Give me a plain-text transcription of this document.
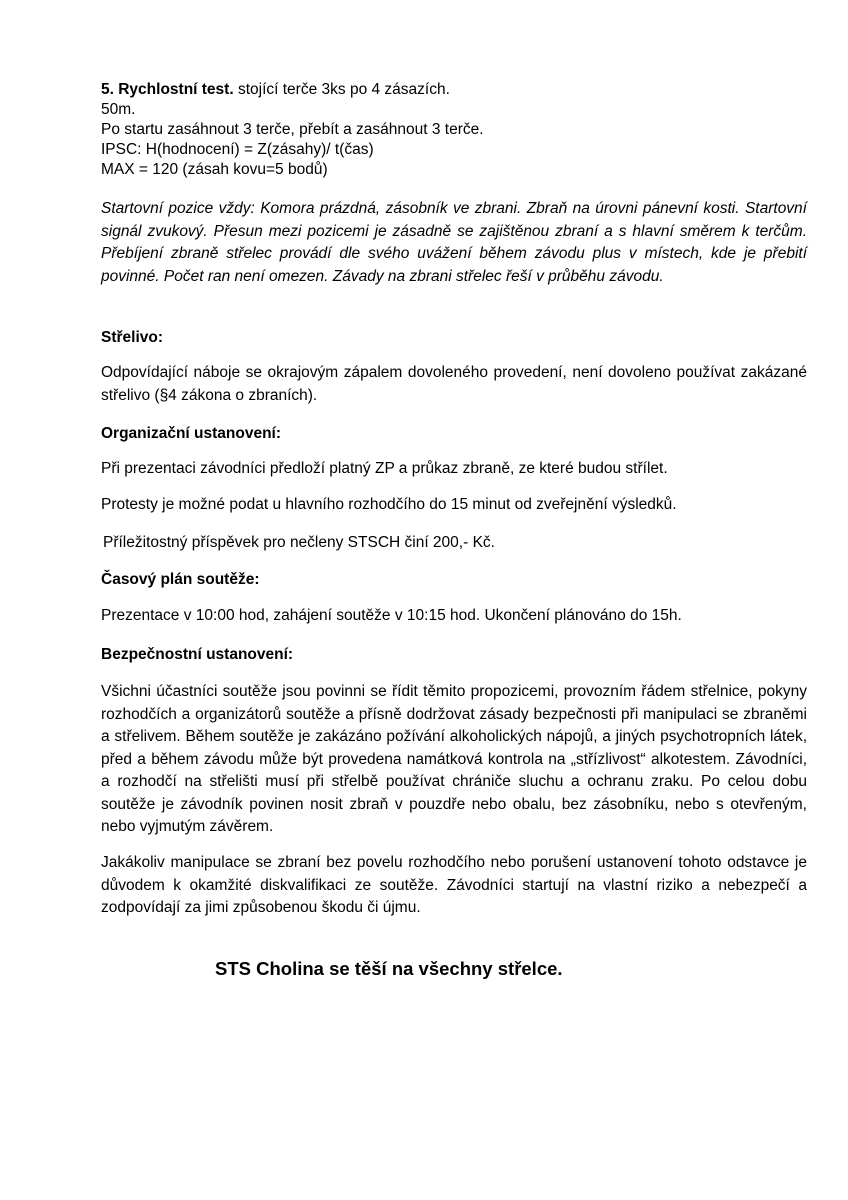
5. Rychlostní test. stojící terče 3ks po 4 zásazích.

50m.

Po startu zasáhnout 3 terče, přebít a zasáhnout 3 terče.

IPSC: H(hodnocení) = Z(zásahy)/ t(čas)

MAX = 120 (zásah kovu=5 bodů)

Startovní pozice vždy: Komora prázdná, zásobník ve zbrani. Zbraň na úrovni pánevní kosti. Startovní signál zvukový. Přesun mezi pozicemi je zásadně se zajištěnou zbraní a s hlavní směrem k terčům. Přebíjení zbraně střelec provádí dle svého uvážení během závodu plus v místech, kde je přebití povinné. Počet ran není omezen. Závady na zbrani střelec řeší v průběhu závodu.

Střelivo:

Odpovídající náboje se okrajovým zápalem dovoleného provedení, není dovoleno používat zakázané střelivo (§4 zákona o zbraních).

Organizační ustanovení:

Při prezentaci závodníci předloží platný ZP a průkaz zbraně, ze které budou střílet.

Protesty je možné podat u hlavního rozhodčího do 15 minut od zveřejnění výsledků.

Příležitostný příspěvek pro nečleny STSCH činí 200,- Kč.

Časový plán soutěže:

Prezentace v 10:00 hod, zahájení soutěže v 10:15 hod. Ukončení plánováno do 15h.

Bezpečnostní ustanovení:

Všichni účastníci soutěže jsou povinni se řídit těmito propozicemi, provozním řádem střelnice, pokyny rozhodčích a organizátorů soutěže a přísně dodržovat zásady bezpečnosti při manipulaci se zbraněmi a střelivem. Během soutěže je zakázáno požívání alkoholických nápojů, a jiných psychotropních látek, před a během závodu může být provedena namátková kontrola na „střízlivost“ alkotestem. Závodníci, a rozhodčí na střelišti musí při střelbě používat chrániče sluchu a ochranu zraku. Po celou dobu soutěže je závodník povinen nosit zbraň v pouzdře nebo obalu, bez zásobníku, nebo s otevřeným, nebo vyjmutým závěrem.

Jakákoliv manipulace se zbraní bez povelu rozhodčího nebo porušení ustanovení tohoto odstavce je důvodem k okamžité diskvalifikaci ze soutěže. Závodníci startují na vlastní riziko a nebezpečí a zodpovídají za jimi způsobenou škodu či újmu.

STS Cholina se těší na všechny střelce.
